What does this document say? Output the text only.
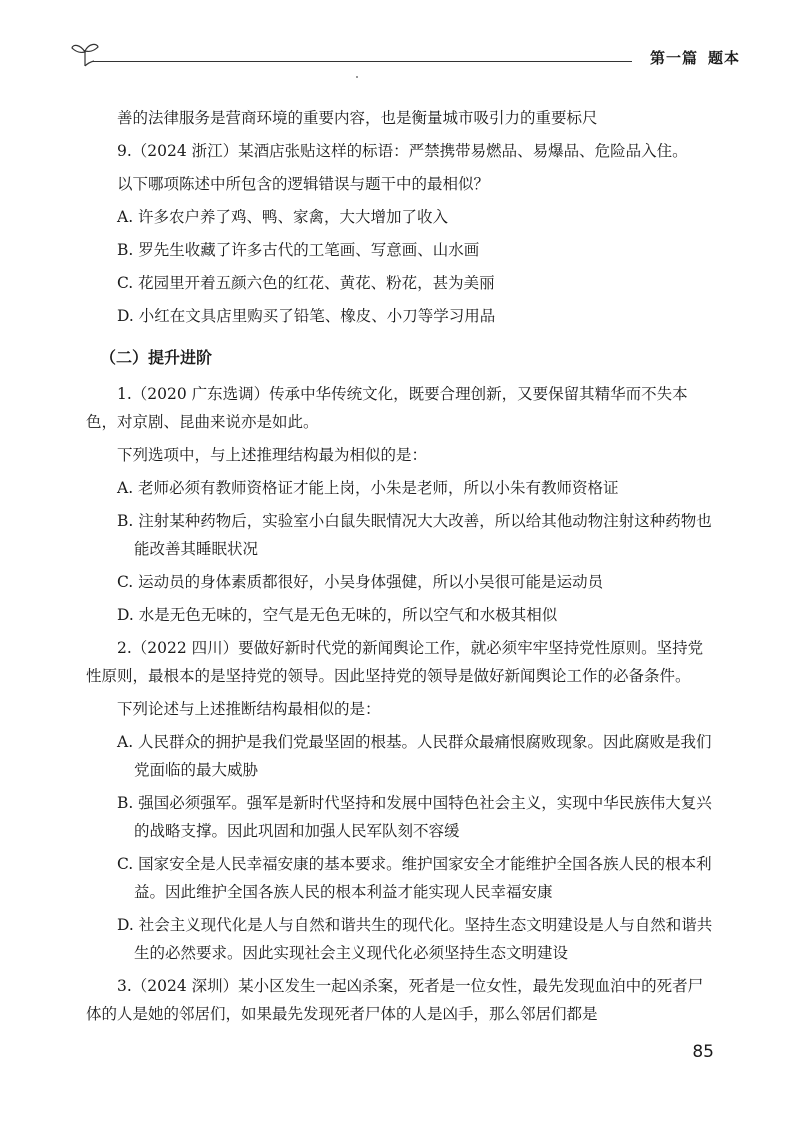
第一篇 题本
善的法律服务是营商环境的重要内容，也是衡量城市吸引力的重要标尺
9.（2024 浙江）某酒店张贴这样的标语：严禁携带易燃品、易爆品、危险品入住。
以下哪项陈述中所包含的逻辑错误与题干中的最相似？
A. 许多农户养了鸡、鸭、家禽，大大增加了收入
B. 罗先生收藏了许多古代的工笔画、写意画、山水画
C. 花园里开着五颜六色的红花、黄花、粉花，甚为美丽
D. 小红在文具店里购买了铅笔、橡皮、小刀等学习用品
（二）提升进阶
1.（2020 广东选调）传承中华传统文化，既要合理创新，又要保留其精华而不失本色，对京剧、昆曲来说亦是如此。
下列选项中，与上述推理结构最为相似的是：
A. 老师必须有教师资格证才能上岗，小朱是老师，所以小朱有教师资格证
B. 注射某种药物后，实验室小白鼠失眠情况大大改善，所以给其他动物注射这种药物也能改善其睡眠状况
C. 运动员的身体素质都很好，小吴身体强健，所以小吴很可能是运动员
D. 水是无色无味的，空气是无色无味的，所以空气和水极其相似
2.（2022 四川）要做好新时代党的新闻舆论工作，就必须牢牢坚持党性原则。坚持党性原则，最根本的是坚持党的领导。因此坚持党的领导是做好新闻舆论工作的必备条件。
下列论述与上述推断结构最相似的是：
A. 人民群众的拥护是我们党最坚固的根基。人民群众最痛恨腐败现象。因此腐败是我们党面临的最大威胁
B. 强国必须强军。强军是新时代坚持和发展中国特色社会主义，实现中华民族伟大复兴的战略支撑。因此巩固和加强人民军队刻不容缓
C. 国家安全是人民幸福安康的基本要求。维护国家安全才能维护全国各族人民的根本利益。因此维护全国各族人民的根本利益才能实现人民幸福安康
D. 社会主义现代化是人与自然和谐共生的现代化。坚持生态文明建设是人与自然和谐共生的必然要求。因此实现社会主义现代化必须坚持生态文明建设
3.（2024 深圳）某小区发生一起凶杀案，死者是一位女性，最先发现血泊中的死者尸体的人是她的邻居们，如果最先发现死者尸体的人是凶手，那么邻居们都是
85
